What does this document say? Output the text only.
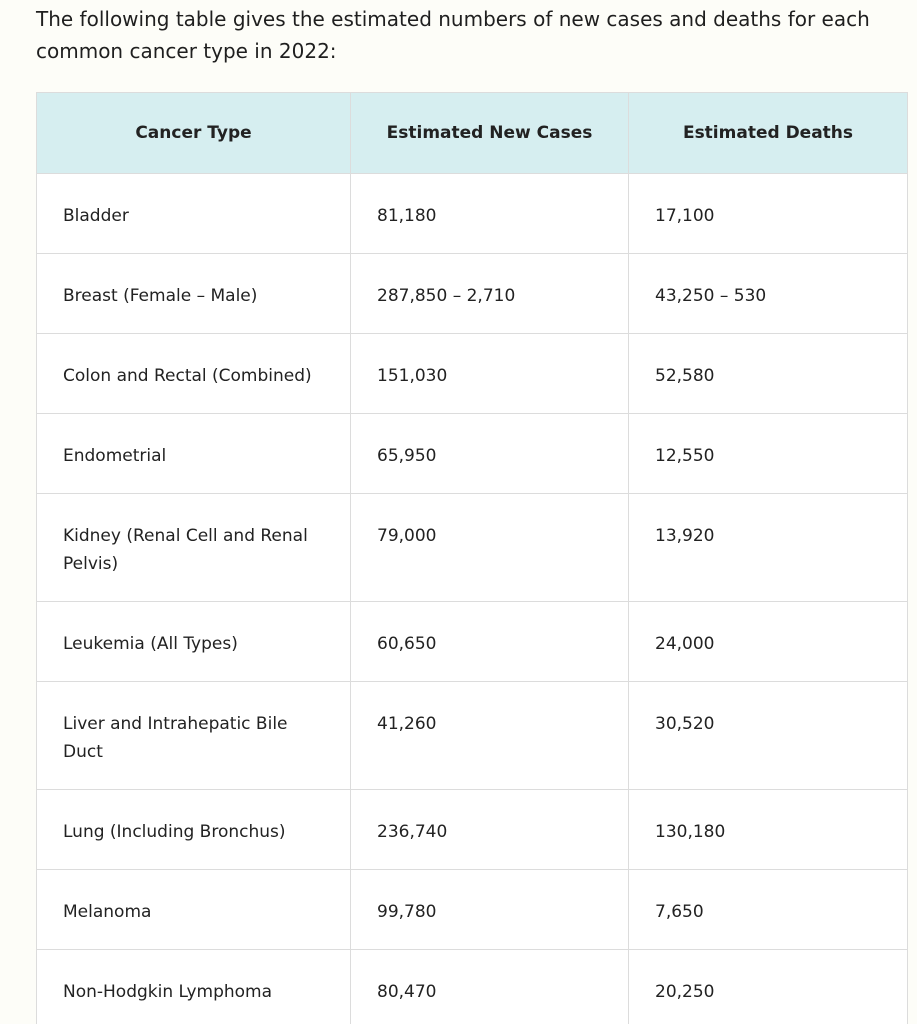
The following table gives the estimated numbers of new cases and deaths for each common cancer type in 2022:

Cancer Type	Estimated New Cases	Estimated Deaths
Bladder	81,180	17,100
Breast (Female – Male)	287,850 – 2,710	43,250 – 530
Colon and Rectal (Combined)	151,030	52,580
Endometrial	65,950	12,550
Kidney (Renal Cell and Renal Pelvis)	79,000	13,920
Leukemia (All Types)	60,650	24,000
Liver and Intrahepatic Bile Duct	41,260	30,520
Lung (Including Bronchus)	236,740	130,180
Melanoma	99,780	7,650
Non-Hodgkin Lymphoma	80,470	20,250
